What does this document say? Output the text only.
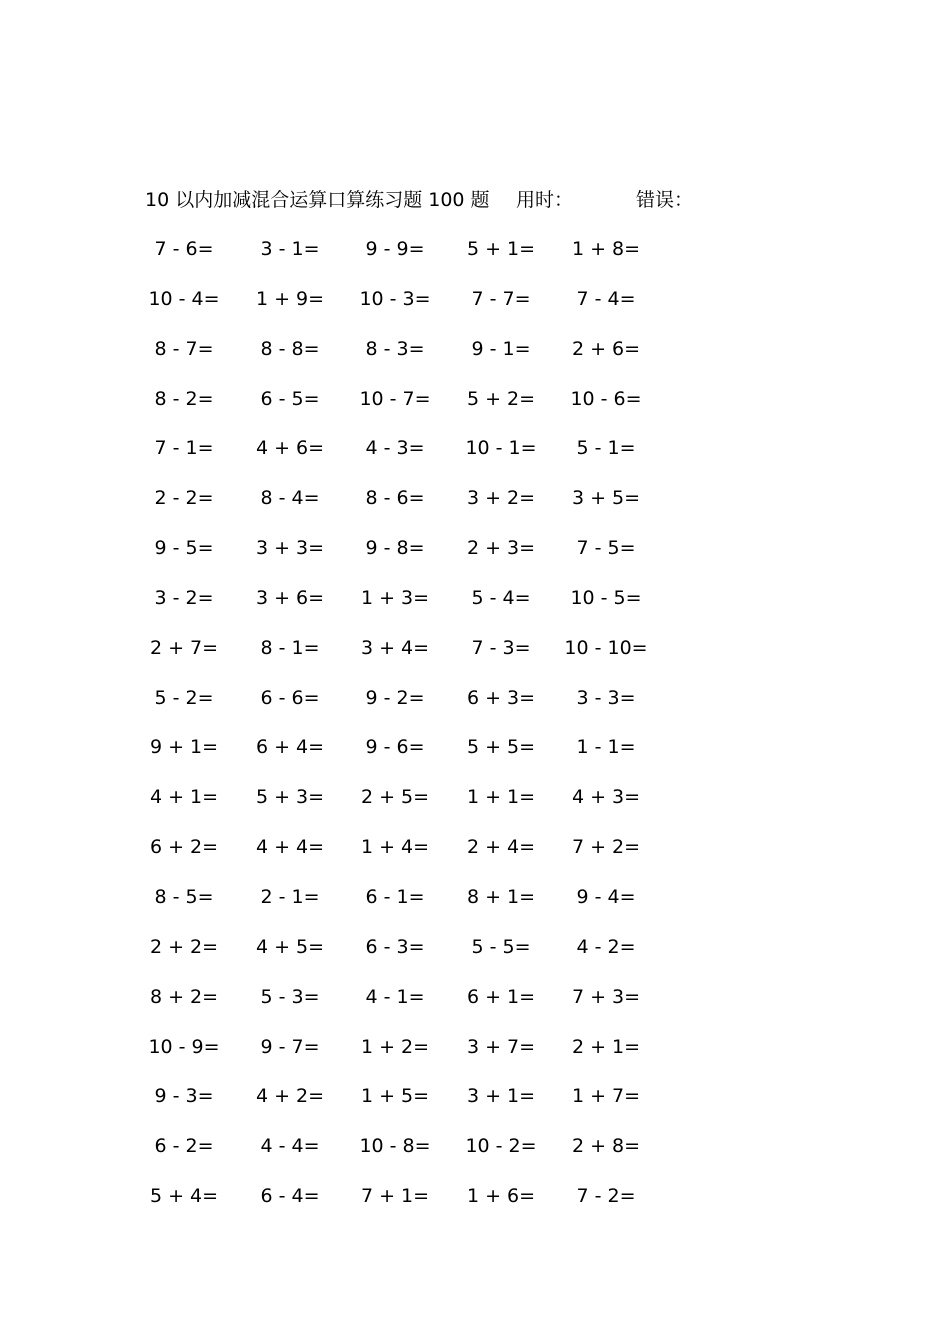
10 以内加减混合运算口算练习题 100 题 用时：	错误：
7 - 6=	3 - 1=	9 - 9=	5 + 1=	1 + 8=
10 - 4=	1 + 9=	10 - 3=	7 - 7=	7 - 4=
8 - 7=	8 - 8=	8 - 3=	9 - 1=	2 + 6=
8 - 2=	6 - 5=	10 - 7=	5 + 2=	10 - 6=
7 - 1=	4 + 6=	4 - 3=	10 - 1=	5 - 1=
2 - 2=	8 - 4=	8 - 6=	3 + 2=	3 + 5=
9 - 5=	3 + 3=	9 - 8=	2 + 3=	7 - 5=
3 - 2=	3 + 6=	1 + 3=	5 - 4=	10 - 5=
2 + 7=	8 - 1=	3 + 4=	7 - 3=	10 - 10=
5 - 2=	6 - 6=	9 - 2=	6 + 3=	3 - 3=
9 + 1=	6 + 4=	9 - 6=	5 + 5=	1 - 1=
4 + 1=	5 + 3=	2 + 5=	1 + 1=	4 + 3=
6 + 2=	4 + 4=	1 + 4=	2 + 4=	7 + 2=
8 - 5=	2 - 1=	6 - 1=	8 + 1=	9 - 4=
2 + 2=	4 + 5=	6 - 3=	5 - 5=	4 - 2=
8 + 2=	5 - 3=	4 - 1=	6 + 1=	7 + 3=
10 - 9=	9 - 7=	1 + 2=	3 + 7=	2 + 1=
9 - 3=	4 + 2=	1 + 5=	3 + 1=	1 + 7=
6 - 2=	4 - 4=	10 - 8=	10 - 2=	2 + 8=
5 + 4=	6 - 4=	7 + 1=	1 + 6=	7 - 2=
